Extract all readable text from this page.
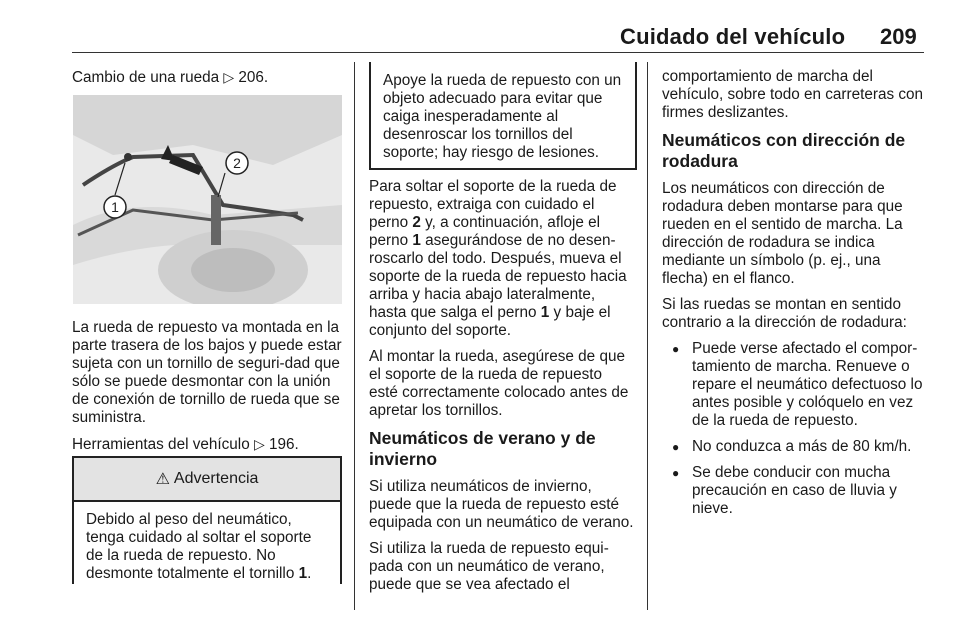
Cuidado del vehículo 209

Cambio de una rueda ▷ 206.

1
2

La rueda de repuesto va montada en la parte trasera de los bajos y puede estar sujeta con un tornillo de seguri-dad que sólo se puede desmontar con la unión de conexión de tornillo de rueda que se suministra.

Herramientas del vehículo ▷ 196.

⚠ Advertencia
Debido al peso del neumático, tenga cuidado al soltar el soporte de la rueda de repuesto. No desmonte totalmente el tornillo 1.
Apoye la rueda de repuesto con un objeto adecuado para evitar que caiga inesperadamente al desenroscar los tornillos del soporte; hay riesgo de lesiones.

Para soltar el soporte de la rueda de repuesto, extraiga con cuidado el perno 2 y, a continuación, afloje el perno 1 asegurándose de no desen-roscarlo del todo. Después, mueva el soporte de la rueda de repuesto hacia arriba y hacia abajo lateralmente, hasta que salga el perno 1 y baje el conjunto del soporte.

Al montar la rueda, asegúrese de que el soporte de la rueda de repuesto esté correctamente colocado antes de apretar los tornillos.

Neumáticos de verano y de invierno

Si utiliza neumáticos de invierno, puede que la rueda de repuesto esté equipada con un neumático de verano.

Si utiliza la rueda de repuesto equi-pada con un neumático de verano, puede que se vea afectado el

comportamiento de marcha del vehículo, sobre todo en carreteras con firmes deslizantes.

Neumáticos con dirección de rodadura

Los neumáticos con dirección de rodadura deben montarse para que rueden en el sentido de marcha. La dirección de rodadura se indica mediante un símbolo (p. ej., una flecha) en el flanco.

Si las ruedas se montan en sentido contrario a la dirección de rodadura:

● Puede verse afectado el compor-tamiento de marcha. Renueve o repare el neumático defectuoso lo antes posible y colóquelo en vez de la rueda de repuesto.
● No conduzca a más de 80 km/h.
● Se debe conducir con mucha precaución en caso de lluvia y nieve.
